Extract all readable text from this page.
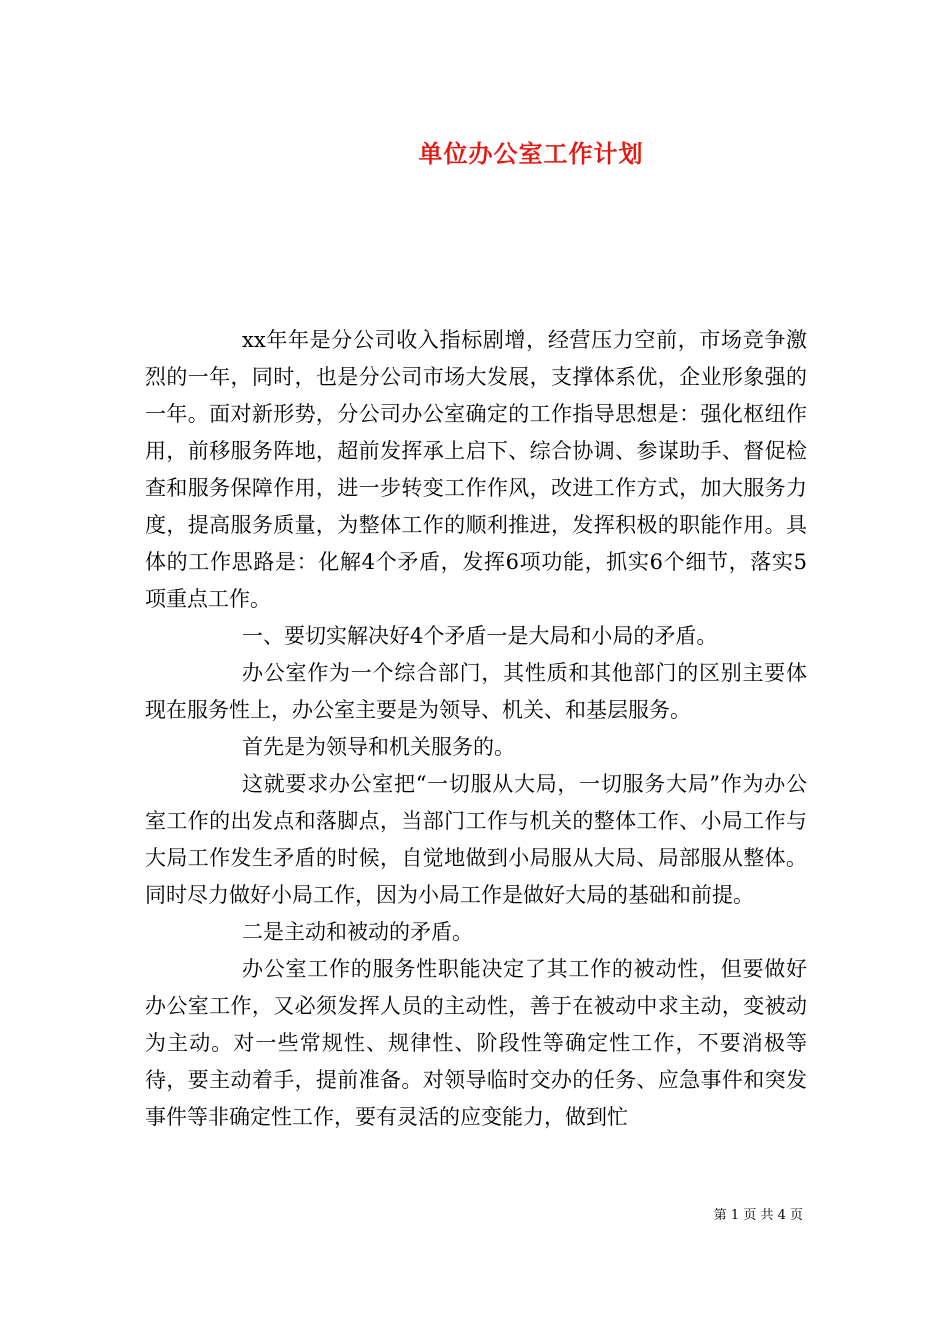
单位办公室工作计划

xx年年是分公司收入指标剧增，经营压力空前，市场竞争激烈的一年，同时，也是分公司市场大发展，支撑体系优，企业形象强的一年。面对新形势，分公司办公室确定的工作指导思想是：强化枢纽作用，前移服务阵地，超前发挥承上启下、综合协调、参谋助手、督促检查和服务保障作用，进一步转变工作作风，改进工作方式，加大服务力度，提高服务质量，为整体工作的顺利推进，发挥积极的职能作用。具体的工作思路是：化解4个矛盾，发挥6项功能，抓实6个细节，落实5项重点工作。

一、要切实解决好4个矛盾一是大局和小局的矛盾。

办公室作为一个综合部门，其性质和其他部门的区别主要体现在服务性上，办公室主要是为领导、机关、和基层服务。

首先是为领导和机关服务的。

这就要求办公室把“一切服从大局，一切服务大局”作为办公室工作的出发点和落脚点，当部门工作与机关的整体工作、小局工作与大局工作发生矛盾的时候，自觉地做到小局服从大局、局部服从整体。同时尽力做好小局工作，因为小局工作是做好大局的基础和前提。

二是主动和被动的矛盾。

办公室工作的服务性职能决定了其工作的被动性，但要做好办公室工作，又必须发挥人员的主动性，善于在被动中求主动，变被动为主动。对一些常规性、规律性、阶段性等确定性工作，不要消极等待，要主动着手，提前准备。对领导临时交办的任务、应急事件和突发事件等非确定性工作，要有灵活的应变能力，做到忙

第 1 页 共 4 页
